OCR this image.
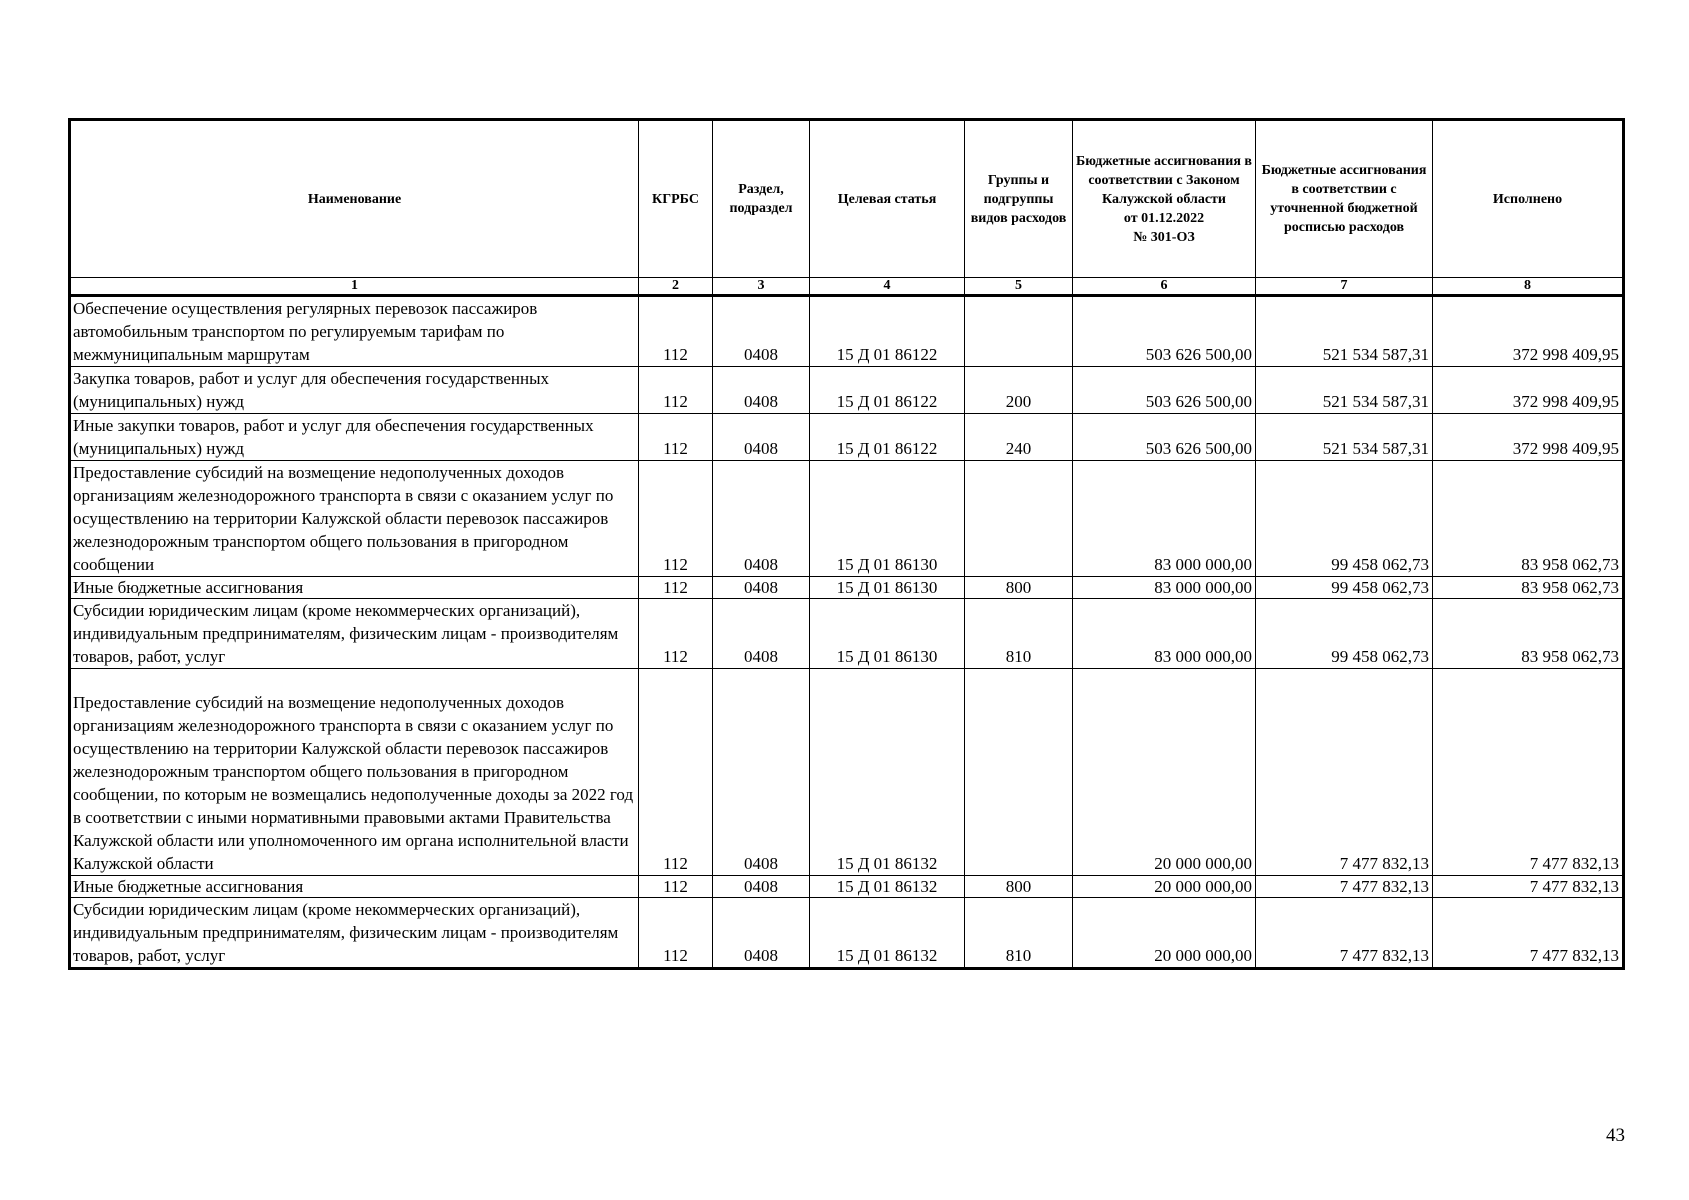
Наименование	КГРБС	Раздел, подраздел	Целевая статья	Группы и подгруппы видов расходов	Бюджетные ассигнования в соответствии с Законом Калужской области
от 01.12.2022
№ 301-ОЗ	Бюджетные ассигнования в соответствии с уточненной бюджетной росписью расходов	Исполнено
1	2	3	4	5	6	7	8
Обеспечение осуществления регулярных перевозок пассажиров автомобильным транспортом по регулируемым тарифам по межмуниципальным маршрутам	112	0408	15 Д 01 86122		503 626 500,00	521 534 587,31	372 998 409,95
Закупка товаров, работ и услуг для обеспечения государственных (муниципальных) нужд	112	0408	15 Д 01 86122	200	503 626 500,00	521 534 587,31	372 998 409,95
Иные закупки товаров, работ и услуг для обеспечения государственных (муниципальных) нужд	112	0408	15 Д 01 86122	240	503 626 500,00	521 534 587,31	372 998 409,95
Предоставление субсидий на возмещение недополученных доходов организациям железнодорожного транспорта в связи с оказанием услуг по осуществлению на территории Калужской области перевозок пассажиров железнодорожным транспортом общего пользования в пригородном сообщении	112	0408	15 Д 01 86130		83 000 000,00	99 458 062,73	83 958 062,73
Иные бюджетные ассигнования	112	0408	15 Д 01 86130	800	83 000 000,00	99 458 062,73	83 958 062,73
Субсидии юридическим лицам (кроме некоммерческих организаций), индивидуальным предпринимателям, физическим лицам - производителям товаров, работ, услуг	112	0408	15 Д 01 86130	810	83 000 000,00	99 458 062,73	83 958 062,73
Предоставление субсидий на возмещение недополученных доходов организациям железнодорожного транспорта в связи с оказанием услуг по осуществлению на территории Калужской области перевозок пассажиров железнодорожным транспортом общего пользования в пригородном сообщении, по которым не возмещались недополученные доходы за 2022 год в соответствии с иными нормативными правовыми актами Правительства Калужской области или уполномоченного им органа исполнительной власти Калужской области	112	0408	15 Д 01 86132		20 000 000,00	7 477 832,13	7 477 832,13
Иные бюджетные ассигнования	112	0408	15 Д 01 86132	800	20 000 000,00	7 477 832,13	7 477 832,13
Субсидии юридическим лицам (кроме некоммерческих организаций), индивидуальным предпринимателям, физическим лицам - производителям товаров, работ, услуг	112	0408	15 Д 01 86132	810	20 000 000,00	7 477 832,13	7 477 832,13
43
